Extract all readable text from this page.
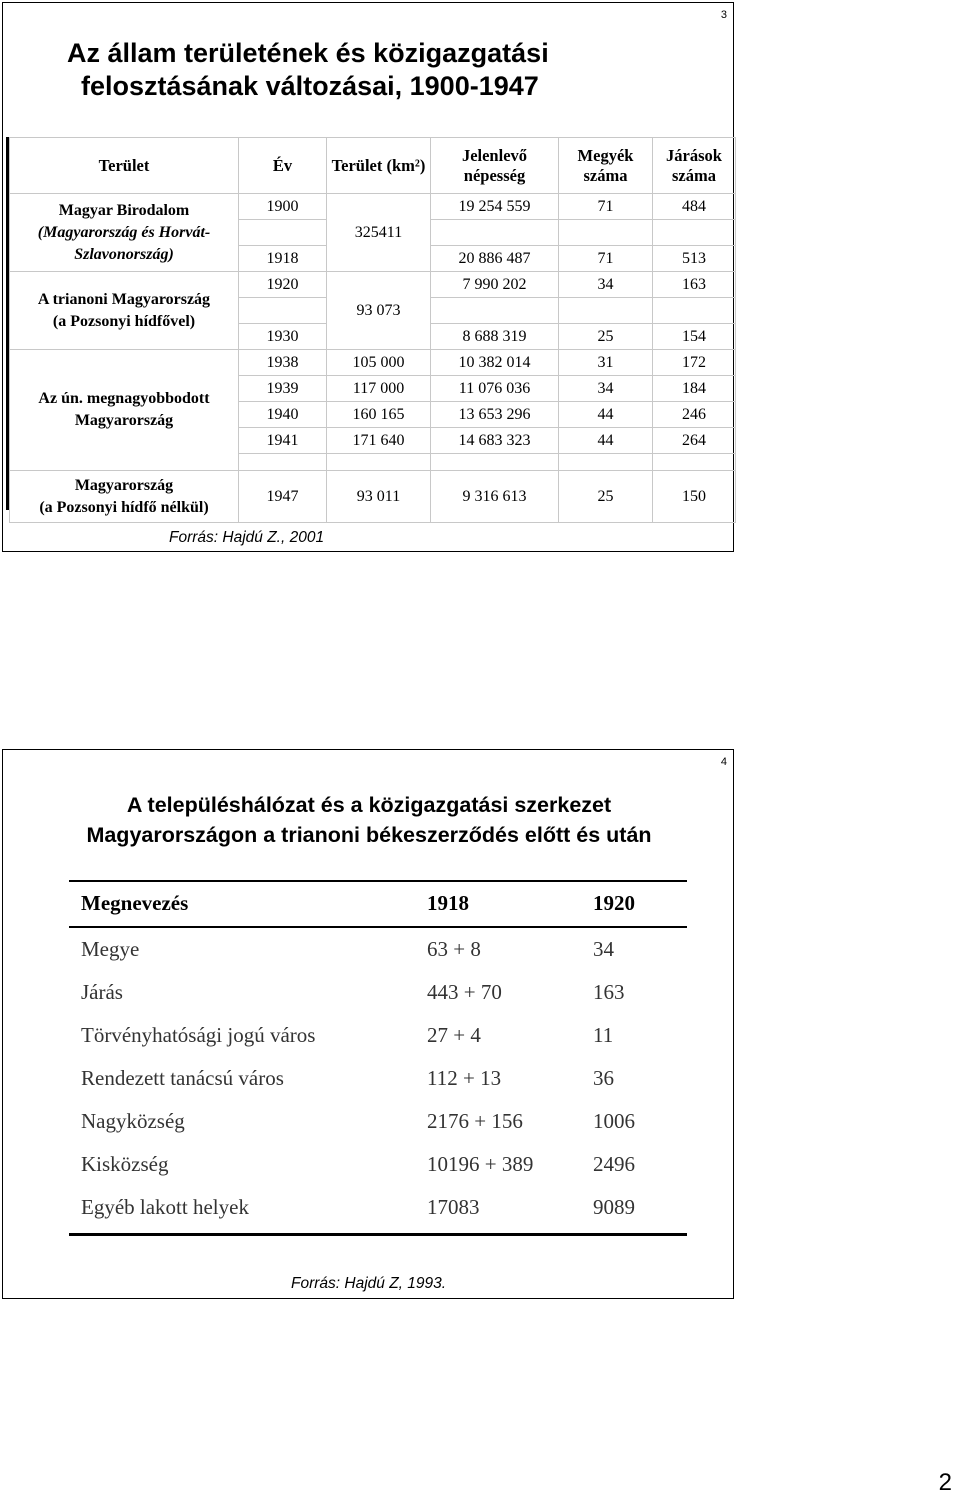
3
Az állam területének és közigazgatási
felosztásának változásai, 1900-1947
Terület	Év	Terület (km²)	Jelenlevő népesség	Megyék száma	Járások száma

Magyar Birodalom
(Magyarország és Horvát-Szlavonország)	1900	325411	19 254 559	71	484

	1918		20 886 487	71	513

A trianoni Magyarország
(a Pozsonyi hídfővel)	1920	93 073	7 990 202	34	163

	1930		8 688 319	25	154
Az ún. megnagyobbodott Magyarország	1938	105 000	10 382 014	31	172
	1939	117 000	11 076 036	34	184
	1940	160 165	13 653 296	44	246
	1941	171 640	14 683 323	44	264

Magyarország
(a Pozsonyi hídfő nélkül)	1947	93 011	9 316 613	25	150
Forrás: Hajdú Z., 2001
4
A településhálózat és a közigazgatási szerkezet
Magyarországon a trianoni békeszerződés előtt és után
Megnevezés	1918	1920
Megye	63 + 8	34
Járás	443 + 70	163
Törvényhatósági jogú város	27 + 4	11
Rendezett tanácsú város	112 + 13	36
Nagyközség	2176 + 156	1006
Kisközség	10196 + 389	2496
Egyéb lakott helyek	17083	9089
Forrás: Hajdú Z, 1993.
2
